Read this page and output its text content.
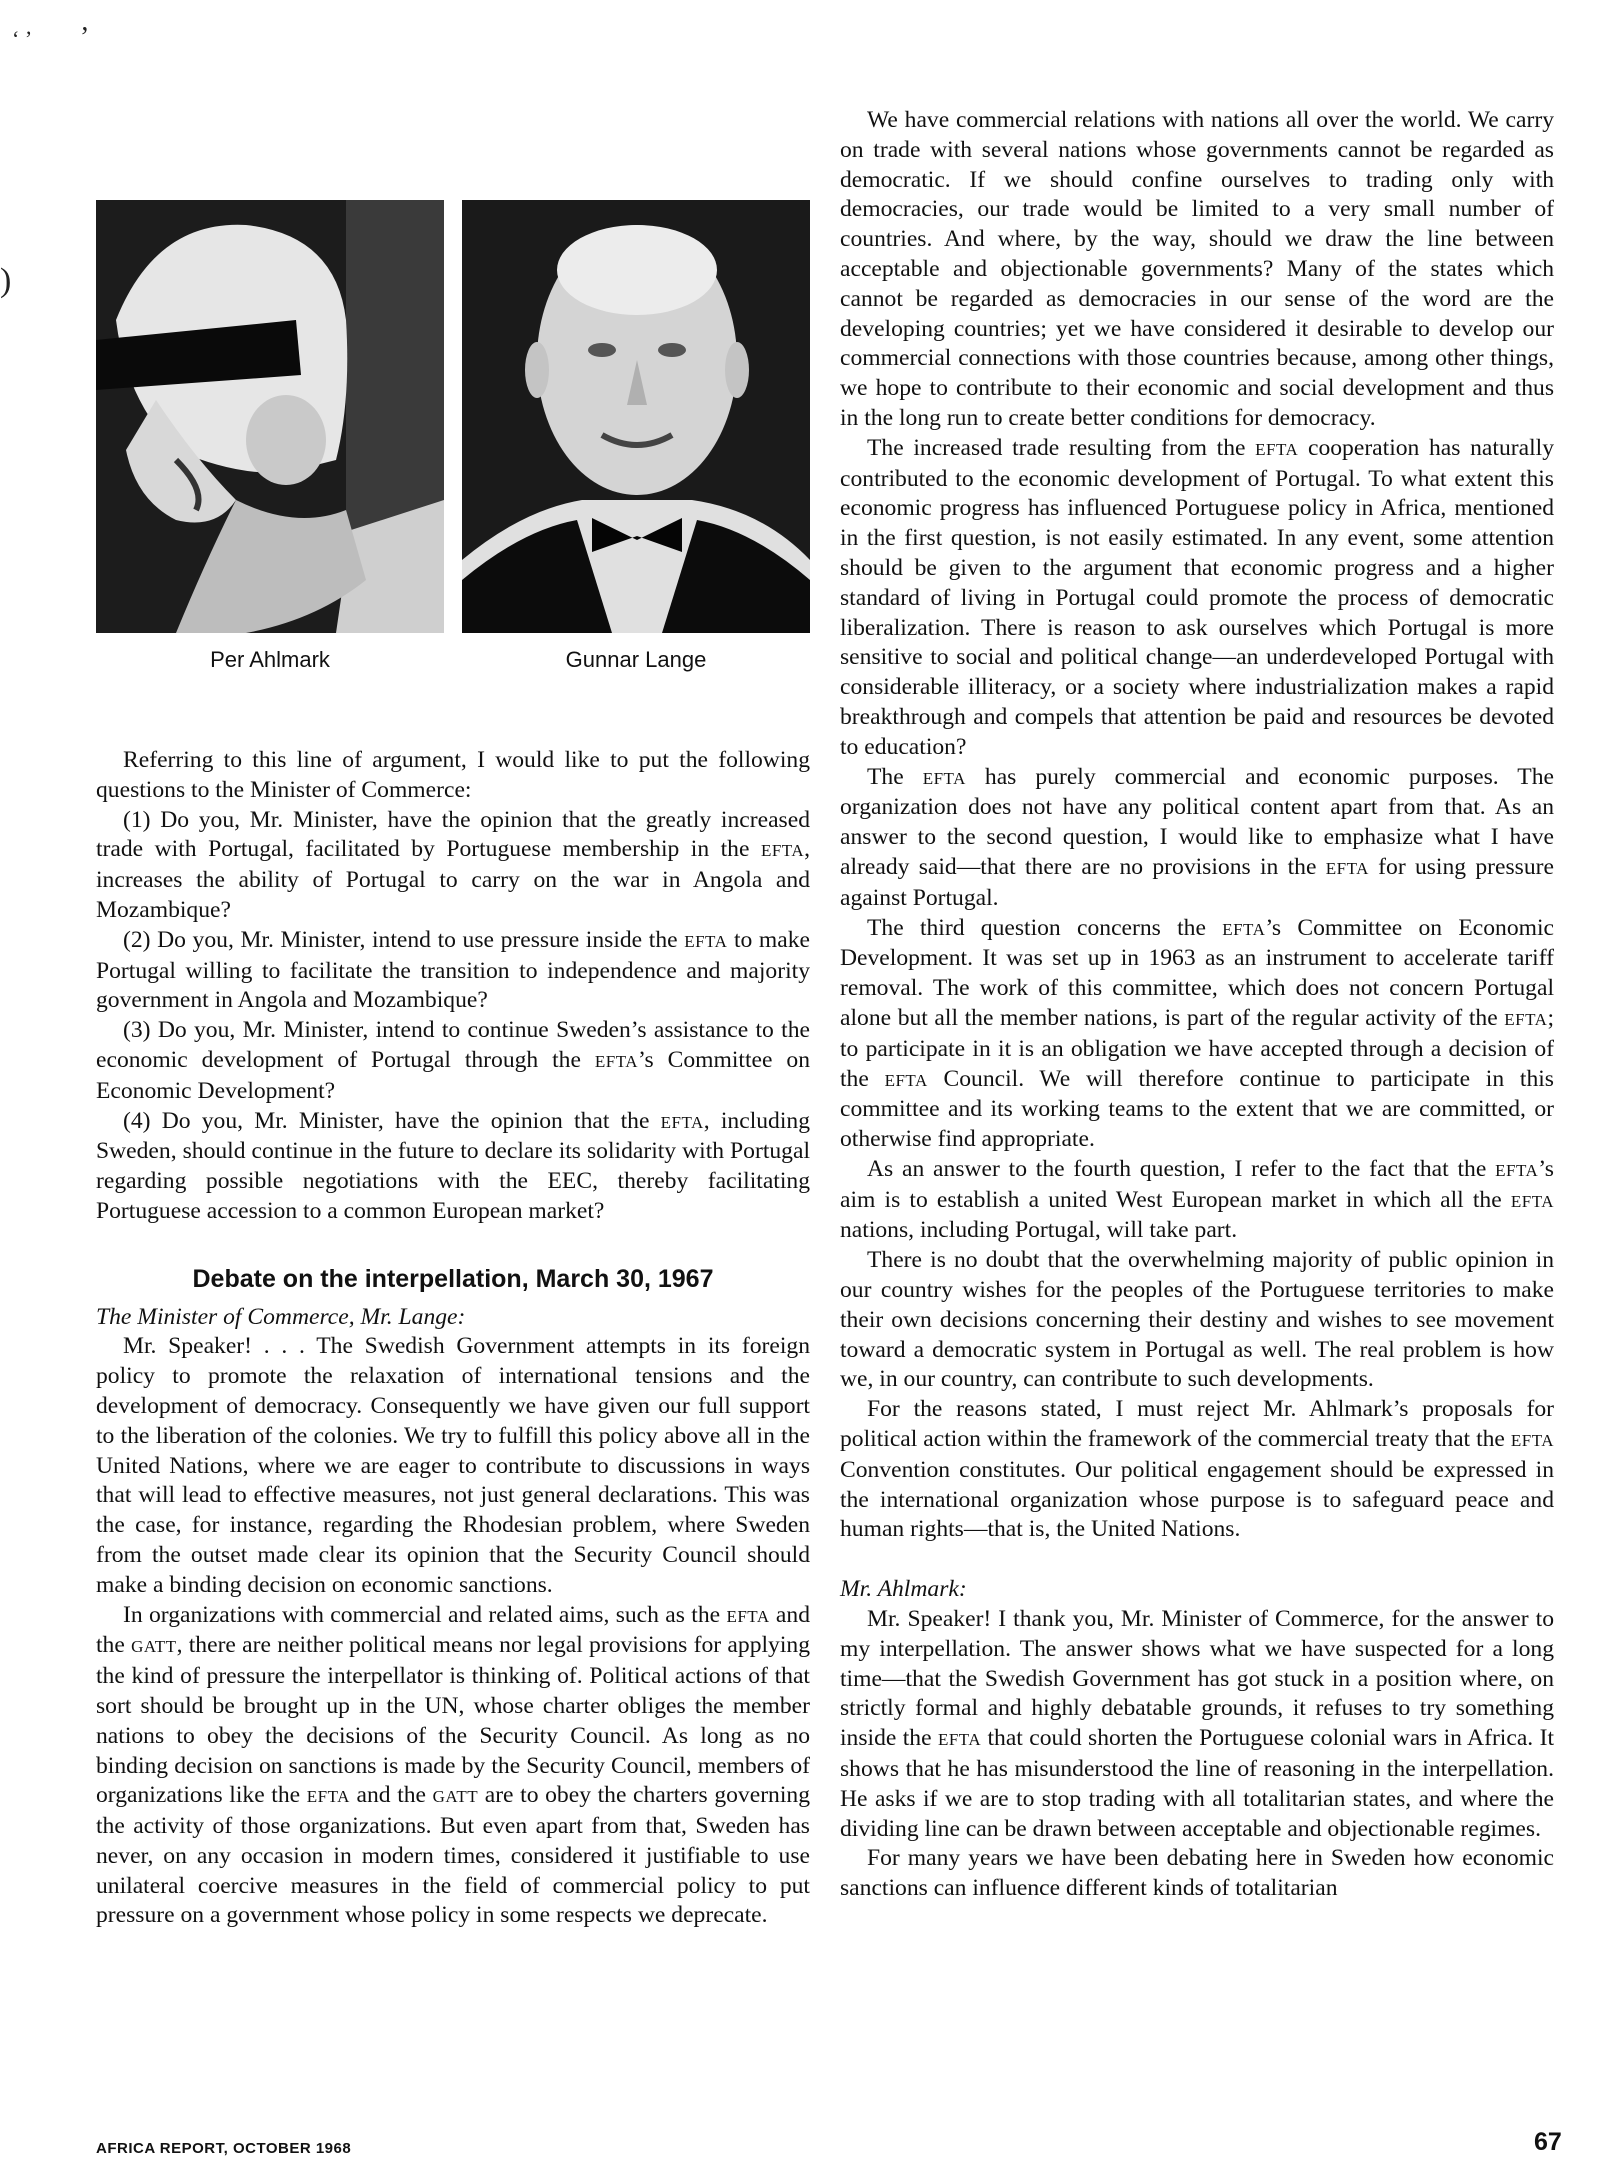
ʻ ’ ’
)
Per Ahlmark	Gunnar Lange

Referring to this line of argument, I would like to put the following questions to the Minister of Commerce:

(1) Do you, Mr. Minister, have the opinion that the greatly increased trade with Portugal, facilitated by Portuguese membership in the EFTA, increases the ability of Portugal to carry on the war in Angola and Mozambique?

(2) Do you, Mr. Minister, intend to use pressure inside the EFTA to make Portugal willing to facilitate the transition to independence and majority government in Angola and Mozambique?

(3) Do you, Mr. Minister, intend to continue Sweden’s assistance to the economic development of Portugal through the EFTA’s Committee on Economic Development?

(4) Do you, Mr. Minister, have the opinion that the EFTA, including Sweden, should continue in the future to declare its solidarity with Portugal regarding possible negotiations with the EEC, thereby facilitating Portuguese accession to a common European market?

Debate on the interpellation, March 30, 1967

The Minister of Commerce, Mr. Lange:

Mr. Speaker! . . . The Swedish Government attempts in its foreign policy to promote the relaxation of international tensions and the development of democracy. Consequently we have given our full support to the liberation of the colonies. We try to fulfill this policy above all in the United Nations, where we are eager to contribute to discussions in ways that will lead to effective measures, not just general declarations. This was the case, for instance, regarding the Rhodesian problem, where Sweden from the outset made clear its opinion that the Security Council should make a binding decision on economic sanctions.

In organizations with commercial and related aims, such as the EFTA and the GATT, there are neither political means nor legal provisions for applying the kind of pressure the interpellator is thinking of. Political actions of that sort should be brought up in the UN, whose charter obliges the member nations to obey the decisions of the Security Council. As long as no binding decision on sanctions is made by the Security Council, members of organizations like the EFTA and the GATT are to obey the charters governing the activity of those organizations. But even apart from that, Sweden has never, on any occasion in modern times, considered it justifiable to use unilateral coercive measures in the field of commercial policy to put pressure on a government whose policy in some respects we deprecate.

We have commercial relations with nations all over the world. We carry on trade with several nations whose governments cannot be regarded as democratic. If we should confine ourselves to trading only with democracies, our trade would be limited to a very small number of countries. And where, by the way, should we draw the line between acceptable and objectionable governments? Many of the states which cannot be regarded as democracies in our sense of the word are the developing countries; yet we have considered it desirable to develop our commercial connections with those countries because, among other things, we hope to contribute to their economic and social development and thus in the long run to create better conditions for democracy.

The increased trade resulting from the EFTA cooperation has naturally contributed to the economic development of Portugal. To what extent this economic progress has influenced Portuguese policy in Africa, mentioned in the first question, is not easily estimated. In any event, some attention should be given to the argument that economic progress and a higher standard of living in Portugal could promote the process of democratic liberalization. There is reason to ask ourselves which Portugal is more sensitive to social and political change—an underdeveloped Portugal with considerable illiteracy, or a society where industrialization makes a rapid breakthrough and compels that attention be paid and resources be devoted to education?

The EFTA has purely commercial and economic purposes. The organization does not have any political content apart from that. As an answer to the second question, I would like to emphasize what I have already said—that there are no provisions in the EFTA for using pressure against Portugal.

The third question concerns the EFTA’s Committee on Economic Development. It was set up in 1963 as an instrument to accelerate tariff removal. The work of this committee, which does not concern Portugal alone but all the member nations, is part of the regular activity of the EFTA; to participate in it is an obligation we have accepted through a decision of the EFTA Council. We will therefore continue to participate in this committee and its working teams to the extent that we are committed, or otherwise find appropriate.

As an answer to the fourth question, I refer to the fact that the EFTA’s aim is to establish a united West European market in which all the EFTA nations, including Portugal, will take part.

There is no doubt that the overwhelming majority of public opinion in our country wishes for the peoples of the Portuguese territories to make their own decisions concerning their destiny and wishes to see movement toward a democratic system in Portugal as well. The real problem is how we, in our country, can contribute to such developments.

For the reasons stated, I must reject Mr. Ahlmark’s proposals for political action within the framework of the commercial treaty that the EFTA Convention constitutes. Our political engagement should be expressed in the international organization whose purpose is to safeguard peace and human rights—that is, the United Nations.

Mr. Ahlmark:

Mr. Speaker! I thank you, Mr. Minister of Commerce, for the answer to my interpellation. The answer shows what we have suspected for a long time—that the Swedish Government has got stuck in a position where, on strictly formal and highly debatable grounds, it refuses to try something inside the EFTA that could shorten the Portuguese colonial wars in Africa. It shows that he has misunderstood the line of reasoning in the interpellation. He asks if we are to stop trading with all totalitarian states, and where the dividing line can be drawn between acceptable and objectionable regimes.

For many years we have been debating here in Sweden how economic sanctions can influence different kinds of totalitarian

AFRICA REPORT, OCTOBER 1968	67
